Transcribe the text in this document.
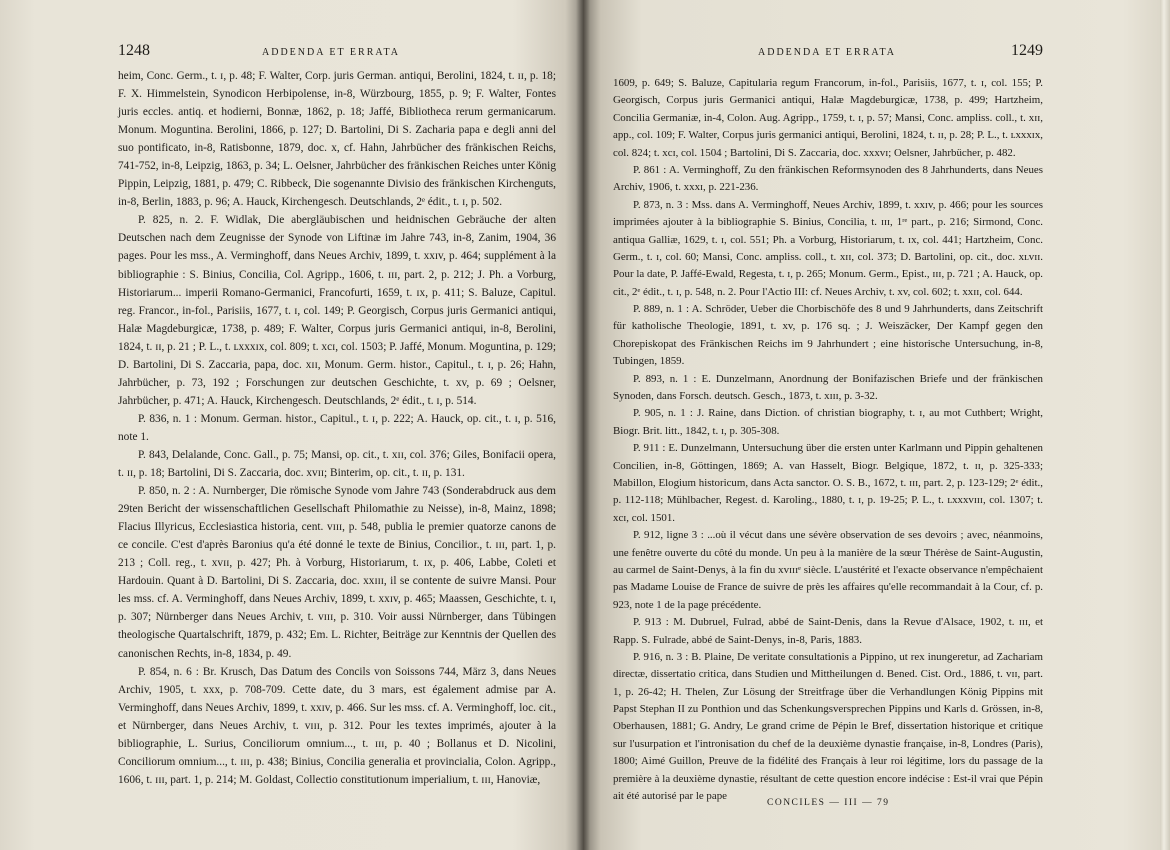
1248	ADDENDA ET ERRATA

heim, Conc. Germ., t. ɪ, p. 48; F. Walter, Corp. juris German. antiqui, Berolini, 1824, t. ɪɪ, p. 18; F. X. Himmelstein, Synodicon Herbipolense, in-8, Würzbourg, 1855, p. 9; F. Walter, Fontes juris eccles. antiq. et hodierni, Bonnæ, 1862, p. 18; Jaffé, Bibliotheca rerum germanicarum. Monum. Moguntina. Berolini, 1866, p. 127; D. Bartolini, Di S. Zacharia papa e degli anni del suo pontificato, in-8, Ratisbonne, 1879, doc. x, cf. Hahn, Jahrbücher des fränkischen Reichs, 741-752, in-8, Leipzig, 1863, p. 34; L. Oelsner, Jahrbücher des fränkischen Reiches unter König Pippin, Leipzig, 1881, p. 479; C. Ribbeck, Die sogenannte Divisio des fränkischen Kirchenguts, in-8, Berlin, 1883, p. 96; A. Hauck, Kirchengesch. Deutschlands, 2ᵉ édit., t. ɪ, p. 502.

P. 825, n. 2. F. Widlak, Die abergläubischen und heidnischen Gebräuche der alten Deutschen nach dem Zeugnisse der Synode von Liftinæ im Jahre 743, in-8, Zanim, 1904, 36 pages. Pour les mss., A. Verminghoff, dans Neues Archiv, 1899, t. xxɪv, p. 464; supplément à la bibliographie : S. Binius, Concilia, Col. Agripp., 1606, t. ɪɪɪ, part. 2, p. 212; J. Ph. a Vorburg, Historiarum... imperii Romano-Germanici, Francofurti, 1659, t. ɪx, p. 411; S. Baluze, Capitul. reg. Francor., in-fol., Parisiis, 1677, t. ɪ, col. 149; P. Georgisch, Corpus juris Germanici antiqui, Halæ Magdeburgicæ, 1738, p. 489; F. Walter, Corpus juris Germanici antiqui, in-8, Berolini, 1824, t. ɪɪ, p. 21 ; P. L., t. ʟxxxɪx, col. 809; t. xcɪ, col. 1503; P. Jaffé, Monum. Moguntina, p. 129; D. Bartolini, Di S. Zaccaria, papa, doc. xɪɪ, Monum. Germ. histor., Capitul., t. ɪ, p. 26; Hahn, Jahrbücher, p. 73, 192 ; Forschungen zur deutschen Geschichte, t. xv, p. 69 ; Oelsner, Jahrbücher, p. 471; A. Hauck, Kirchengesch. Deutschlands, 2ᵉ édit., t. ɪ, p. 514.

P. 836, n. 1 : Monum. German. histor., Capitul., t. ɪ, p. 222; A. Hauck, op. cit., t. ɪ, p. 516, note 1.

P. 843, Delalande, Conc. Gall., p. 75; Mansi, op. cit., t. xɪɪ, col. 376; Giles, Bonifacii opera, t. ɪɪ, p. 18; Bartolini, Di S. Zaccaria, doc. xvɪɪ; Binterim, op. cit., t. ɪɪ, p. 131.

P. 850, n. 2 : A. Nurnberger, Die römische Synode vom Jahre 743 (Sonderabdruck aus dem 29ten Bericht der wissenschaftlichen Gesellschaft Philomathie zu Neisse), in-8, Mainz, 1898; Flacius Illyricus, Ecclesiastica historia, cent. vɪɪɪ, p. 548, publia le premier quatorze canons de ce concile. C'est d'après Baronius qu'a été donné le texte de Binius, Concilior., t. ɪɪɪ, part. 1, p. 213 ; Coll. reg., t. xvɪɪ, p. 427; Ph. à Vorburg, Historiarum, t. ɪx, p. 406, Labbe, Coleti et Hardouin. Quant à D. Bartolini, Di S. Zaccaria, doc. xxɪɪɪ, il se contente de suivre Mansi. Pour les mss. cf. A. Verminghoff, dans Neues Archiv, 1899, t. xxɪv, p. 465; Maassen, Geschichte, t. ɪ, p. 307; Nürnberger dans Neues Archiv, t. vɪɪɪ, p. 310. Voir aussi Nürnberger, dans Tübingen theologische Quartalschrift, 1879, p. 432; Em. L. Richter, Beiträge zur Kenntnis der Quellen des canonischen Rechts, in-8, 1834, p. 49.

P. 854, n. 6 : Br. Krusch, Das Datum des Concils von Soissons 744, März 3, dans Neues Archiv, 1905, t. xxx, p. 708-709. Cette date, du 3 mars, est également admise par A. Verminghoff, dans Neues Archiv, 1899, t. xxɪv, p. 466. Sur les mss. cf. A. Verminghoff, loc. cit., et Nürnberger, dans Neues Archiv, t. vɪɪɪ, p. 312. Pour les textes imprimés, ajouter à la bibliographie, L. Surius, Conciliorum omnium..., t. ɪɪɪ, p. 40 ; Bollanus et D. Nicolini, Conciliorum omnium..., t. ɪɪɪ, p. 438; Binius, Concilia generalia et provincialia, Colon. Agripp., 1606, t. ɪɪɪ, part. 1, p. 214; M. Goldast, Collectio constitutionum imperialium, t. ɪɪɪ, Hanoviæ,

ADDENDA ET ERRATA	1249

1609, p. 649; S. Baluze, Capitularia regum Francorum, in-fol., Parisiis, 1677, t. ɪ, col. 155; P. Georgisch, Corpus juris Germanici antiqui, Halæ Magdeburgicæ, 1738, p. 499; Hartzheim, Concilia Germaniæ, in-4, Colon. Aug. Agripp., 1759, t. ɪ, p. 57; Mansi, Conc. ampliss. coll., t. xɪɪ, app., col. 109; F. Walter, Corpus juris germanici antiqui, Berolini, 1824, t. ɪɪ, p. 28; P. L., t. ʟxxxɪx, col. 824; t. xcɪ, col. 1504 ; Bartolini, Di S. Zaccaria, doc. xxxvɪ; Oelsner, Jahrbücher, p. 482.

P. 861 : A. Verminghoff, Zu den fränkischen Reformsynoden des 8 Jahrhunderts, dans Neues Archiv, 1906, t. xxxɪ, p. 221-236.

P. 873, n. 3 : Mss. dans A. Verminghoff, Neues Archiv, 1899, t. xxɪv, p. 466; pour les sources imprimées ajouter à la bibliographie S. Binius, Concilia, t. ɪɪɪ, 1ʳᵉ part., p. 216; Sirmond, Conc. antiqua Galliæ, 1629, t. ɪ, col. 551; Ph. a Vorburg, Historiarum, t. ɪx, col. 441; Hartzheim, Conc. Germ., t. ɪ, col. 60; Mansi, Conc. ampliss. coll., t. xɪɪ, col. 373; D. Bartolini, op. cit., doc. xʟvɪɪ. Pour la date, P. Jaffé-Ewald, Regesta, t. ɪ, p. 265; Monum. Germ., Epist., ɪɪɪ, p. 721 ; A. Hauck, op. cit., 2ᵉ édit., t. ɪ, p. 548, n. 2. Pour l'Actio III: cf. Neues Archiv, t. xv, col. 602; t. xxɪɪ, col. 644.

P. 889, n. 1 : A. Schröder, Ueber die Chorbischöfe des 8 und 9 Jahrhunderts, dans Zeitschrift für katholische Theologie, 1891, t. xv, p. 176 sq. ; J. Weiszäcker, Der Kampf gegen den Chorepiskopat des Fränkischen Reichs im 9 Jahrhundert ; eine historische Untersuchung, in-8, Tubingen, 1859.

P. 893, n. 1 : E. Dunzelmann, Anordnung der Bonifazischen Briefe und der fränkischen Synoden, dans Forsch. deutsch. Gesch., 1873, t. xɪɪɪ, p. 3-32.

P. 905, n. 1 : J. Raine, dans Diction. of christian biography, t. ɪ, au mot Cuthbert; Wright, Biogr. Brit. litt., 1842, t. ɪ, p. 305-308.

P. 911 : E. Dunzelmann, Untersuchung über die ersten unter Karlmann und Pippin gehaltenen Concilien, in-8, Göttingen, 1869; A. van Hasselt, Biogr. Belgique, 1872, t. ɪɪ, p. 325-333; Mabillon, Elogium historicum, dans Acta sanctor. O. S. B., 1672, t. ɪɪɪ, part. 2, p. 123-129; 2ᵉ édit., p. 112-118; Mühlbacher, Regest. d. Karoling., 1880, t. ɪ, p. 19-25; P. L., t. ʟxxxvɪɪɪ, col. 1307; t. xcɪ, col. 1501.

P. 912, ligne 3 : ...où il vécut dans une sévère observation de ses devoirs ; avec, néanmoins, une fenêtre ouverte du côté du monde. Un peu à la manière de la sœur Thérèse de Saint-Augustin, au carmel de Saint-Denys, à la fin du xvɪɪɪᵉ siècle. L'austérité et l'exacte observance n'empêchaient pas Madame Louise de France de suivre de près les affaires qu'elle recommandait à la Cour, cf. p. 923, note 1 de la page précédente.

P. 913 : M. Dubruel, Fulrad, abbé de Saint-Denis, dans la Revue d'Alsace, 1902, t. ɪɪɪ, et Rapp. S. Fulrade, abbé de Saint-Denys, in-8, Paris, 1883.

P. 916, n. 3 : B. Plaine, De veritate consultationis a Pippino, ut rex inungeretur, ad Zachariam directæ, dissertatio critica, dans Studien und Mittheilungen d. Bened. Cist. Ord., 1886, t. vɪɪ, part. 1, p. 26-42; H. Thelen, Zur Lösung der Streitfrage über die Verhandlungen König Pippins mit Papst Stephan II zu Ponthion und das Schenkungsversprechen Pippins und Karls d. Grössen, in-8, Oberhausen, 1881; G. Andry, Le grand crime de Pépin le Bref, dissertation historique et critique sur l'usurpation et l'intronisation du chef de la deuxième dynastie française, in-8, Londres (Paris), 1800; Aimé Guillon, Preuve de la fidélité des Français à leur roi légitime, lors du passage de la première à la deuxième dynastie, résultant de cette question encore indécise : Est-il vrai que Pépin ait été autorisé par le pape

CONCILES — III — 79
